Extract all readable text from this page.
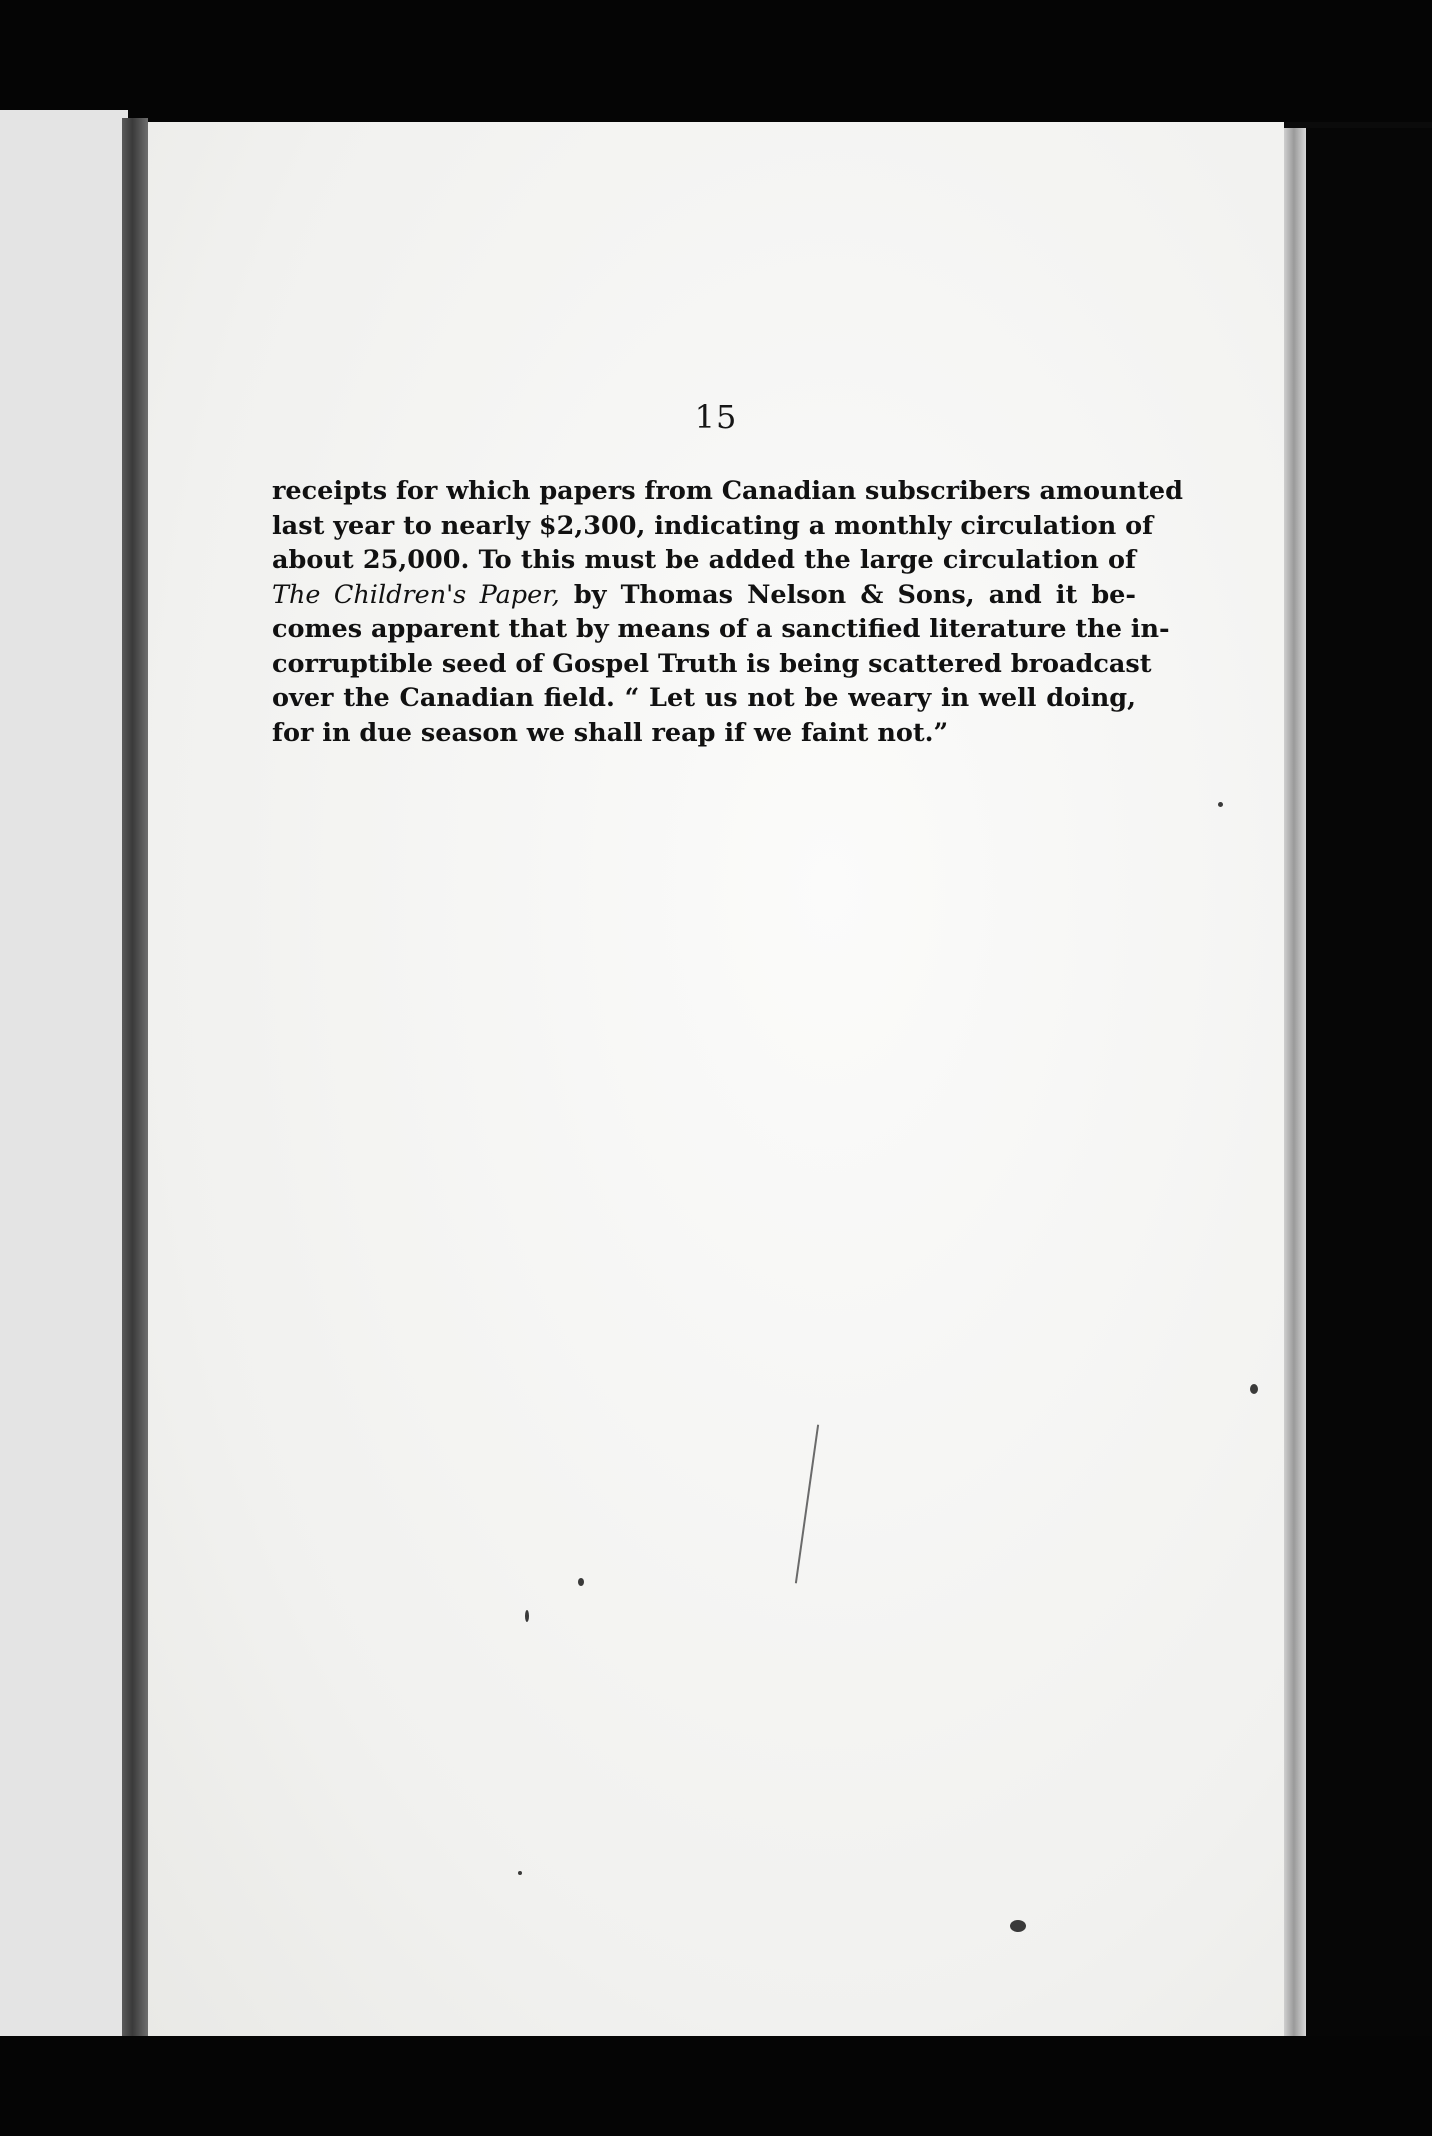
15

receipts for which papers from Canadian subscribers amounted
last year to nearly $2,300, indicating a monthly circulation of
about 25,000. To this must be added the large circulation of
The Children's Paper, by Thomas Nelson & Sons, and it be-
comes apparent that by means of a sanctified literature the in-
corruptible seed of Gospel Truth is being scattered broadcast
over the Canadian field. “ Let us not be weary in well doing,
for in due season we shall reap if we faint not.”
